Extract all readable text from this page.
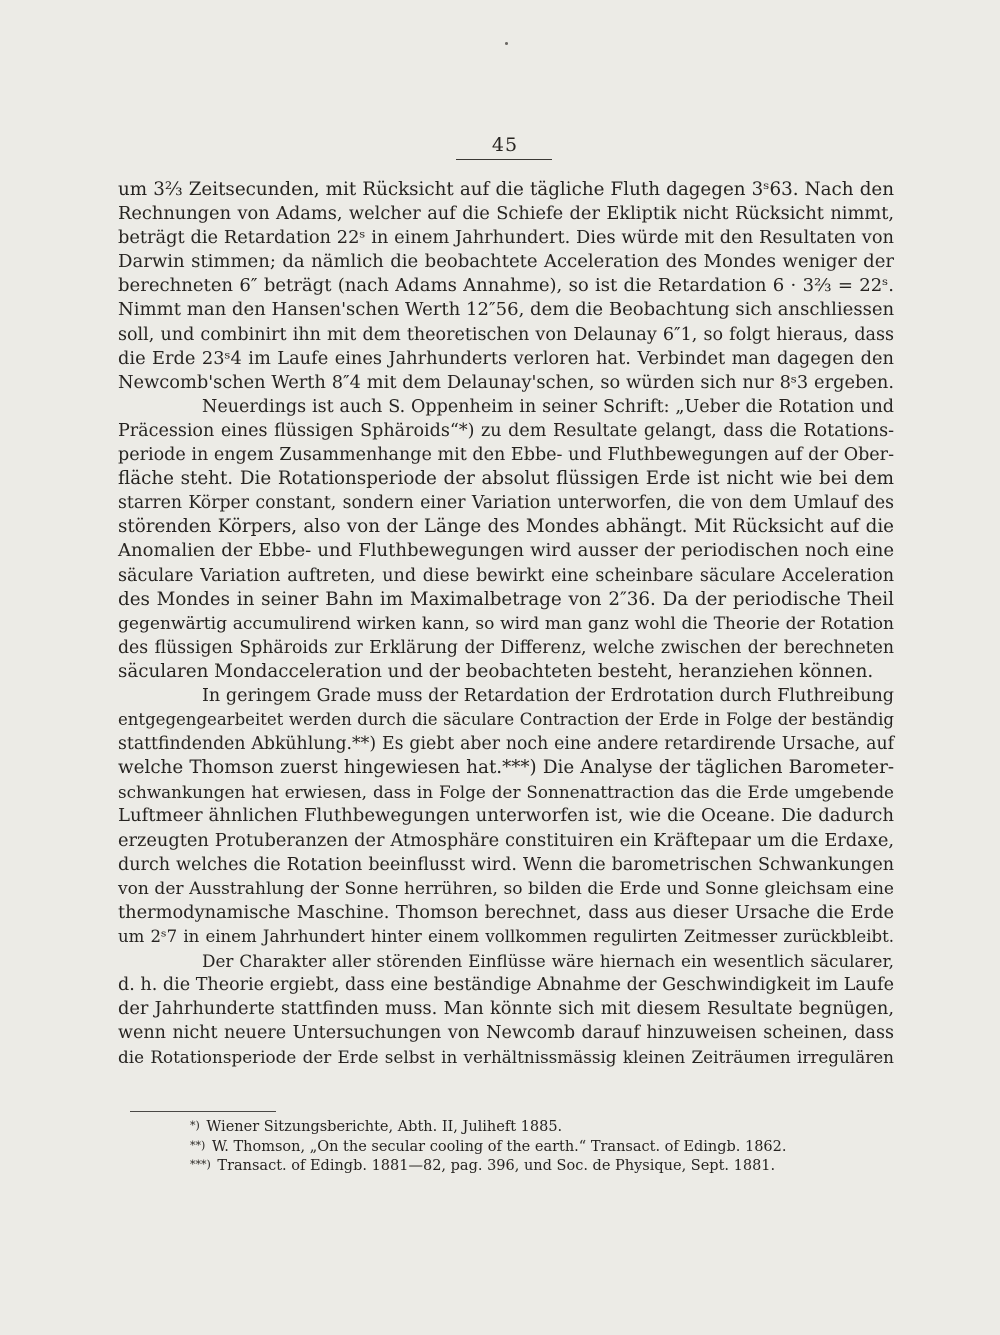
45
um 3⅔ Zeitsecunden, mit Rücksicht auf die tägliche Fluth dagegen 3ˢ63. Nach den
Rechnungen von Adams, welcher auf die Schiefe der Ekliptik nicht Rücksicht nimmt,
beträgt die Retardation 22ˢ in einem Jahrhundert. Dies würde mit den Resultaten von
Darwin stimmen; da nämlich die beobachtete Acceleration des Mondes weniger der
berechneten 6″ beträgt (nach Adams Annahme), so ist die Retardation 6 · 3⅔ = 22ˢ.
Nimmt man den Hansen'schen Werth 12″56, dem die Beobachtung sich anschliessen
soll, und combinirt ihn mit dem theoretischen von Delaunay 6″1, so folgt hieraus, dass
die Erde 23ˢ4 im Laufe eines Jahrhunderts verloren hat. Verbindet man dagegen den
Newcomb'schen Werth 8″4 mit dem Delaunay'schen, so würden sich nur 8ˢ3 ergeben.
Neuerdings ist auch S. Oppenheim in seiner Schrift: „Ueber die Rotation und
Präcession eines flüssigen Sphäroids“*) zu dem Resultate gelangt, dass die Rotations-
periode in engem Zusammenhange mit den Ebbe- und Fluthbewegungen auf der Ober-
fläche steht. Die Rotationsperiode der absolut flüssigen Erde ist nicht wie bei dem
starren Körper constant, sondern einer Variation unterworfen, die von dem Umlauf des
störenden Körpers, also von der Länge des Mondes abhängt. Mit Rücksicht auf die
Anomalien der Ebbe- und Fluthbewegungen wird ausser der periodischen noch eine
säculare Variation auftreten, und diese bewirkt eine scheinbare säculare Acceleration
des Mondes in seiner Bahn im Maximalbetrage von 2″36. Da der periodische Theil
gegenwärtig accumulirend wirken kann, so wird man ganz wohl die Theorie der Rotation
des flüssigen Sphäroids zur Erklärung der Differenz, welche zwischen der berechneten
säcularen Mondacceleration und der beobachteten besteht, heranziehen können.
In geringem Grade muss der Retardation der Erdrotation durch Fluthreibung
entgegengearbeitet werden durch die säculare Contraction der Erde in Folge der beständig
stattfindenden Abkühlung.**) Es giebt aber noch eine andere retardirende Ursache, auf
welche Thomson zuerst hingewiesen hat.***) Die Analyse der täglichen Barometer-
schwankungen hat erwiesen, dass in Folge der Sonnenattraction das die Erde umgebende
Luftmeer ähnlichen Fluthbewegungen unterworfen ist, wie die Oceane. Die dadurch
erzeugten Protuberanzen der Atmosphäre constituiren ein Kräftepaar um die Erdaxe,
durch welches die Rotation beeinflusst wird. Wenn die barometrischen Schwankungen
von der Ausstrahlung der Sonne herrühren, so bilden die Erde und Sonne gleichsam eine
thermodynamische Maschine. Thomson berechnet, dass aus dieser Ursache die Erde
um 2ˢ7 in einem Jahrhundert hinter einem vollkommen regulirten Zeitmesser zurückbleibt.
Der Charakter aller störenden Einflüsse wäre hiernach ein wesentlich säcularer,
d. h. die Theorie ergiebt, dass eine beständige Abnahme der Geschwindigkeit im Laufe
der Jahrhunderte stattfinden muss. Man könnte sich mit diesem Resultate begnügen,
wenn nicht neuere Untersuchungen von Newcomb darauf hinzuweisen scheinen, dass
die Rotationsperiode der Erde selbst in verhältnissmässig kleinen Zeiträumen irregulären
*) Wiener Sitzungsberichte, Abth. II, Juliheft 1885.
**) W. Thomson, „On the secular cooling of the earth.“ Transact. of Edingb. 1862.
***) Transact. of Edingb. 1881—82, pag. 396, und Soc. de Physique, Sept. 1881.
